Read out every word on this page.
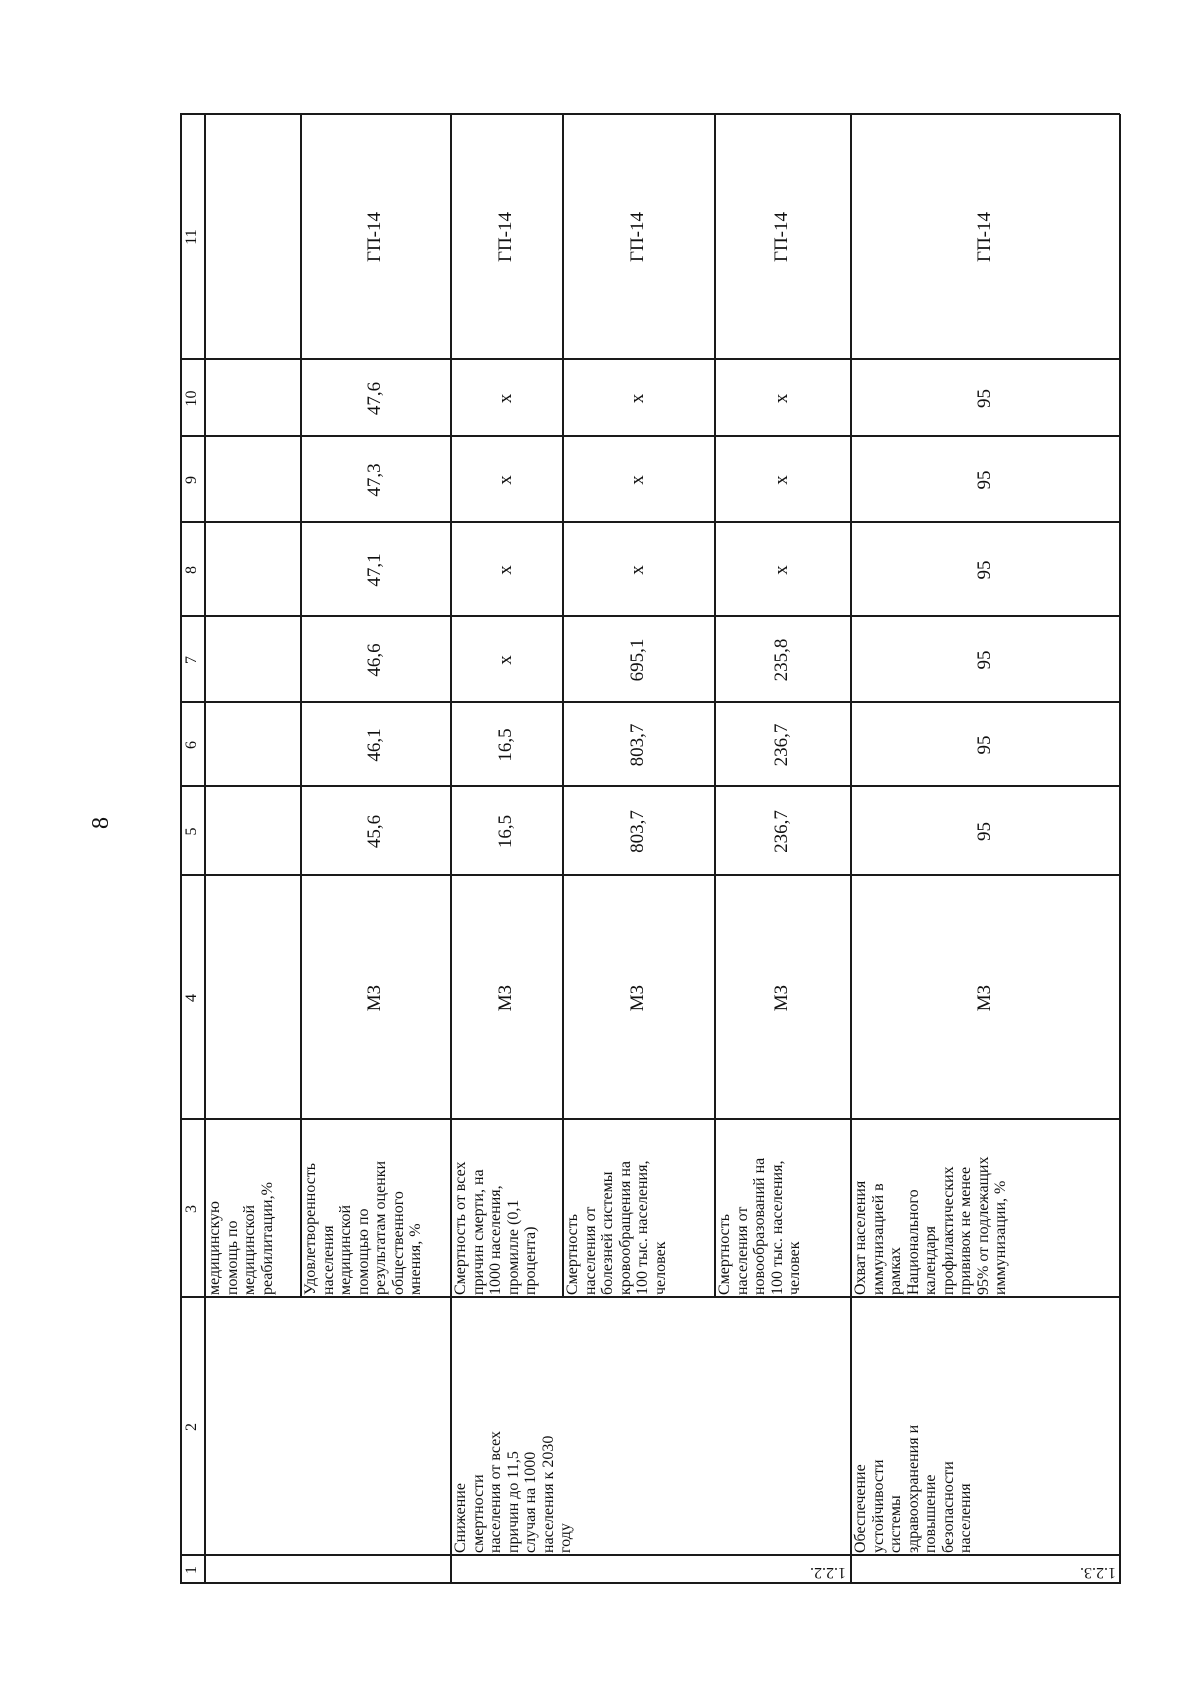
8
1
2
3
4
5
6
7
8
9
10
11
медицинскую
помощь по
медицинской
реабилитации,%	Удовлетворенность
населения
медицинской
помощью по
результатам оценки
общественного
мнения, %
МЗ
45,6
46,1
46,6
47,1
47,3
47,6
ГП-14
1.2.2.
Снижение
смертности
населения от всех
причин до 11,5
случая на 1000
населения к 2030
году
Смертность от всех
причин смерти, на
1000 населения,
промилле (0,1
процента)
МЗ
16,5
16,5
х
х
х
х
ГП-14
Смертность
населения от
болезней системы
кровообращения на
100 тыс. населения,
человек
МЗ
803,7
803,7
695,1
х
х
х
ГП-14
Смертность
населения от
новообразований на
100 тыс. населения,
человек
МЗ
236,7
236,7
235,8
х
х
х
ГП-14
1.2.3.
Обеспечение
устойчивости
системы
здравоохранения и
повышение
безопасности
населения
Охват населения
иммунизацией в
рамках
Национального
календаря
профилактических
прививок не менее
95% от подлежащих
иммунизации, %
МЗ
95
95
95
95
95
95
ГП-14
